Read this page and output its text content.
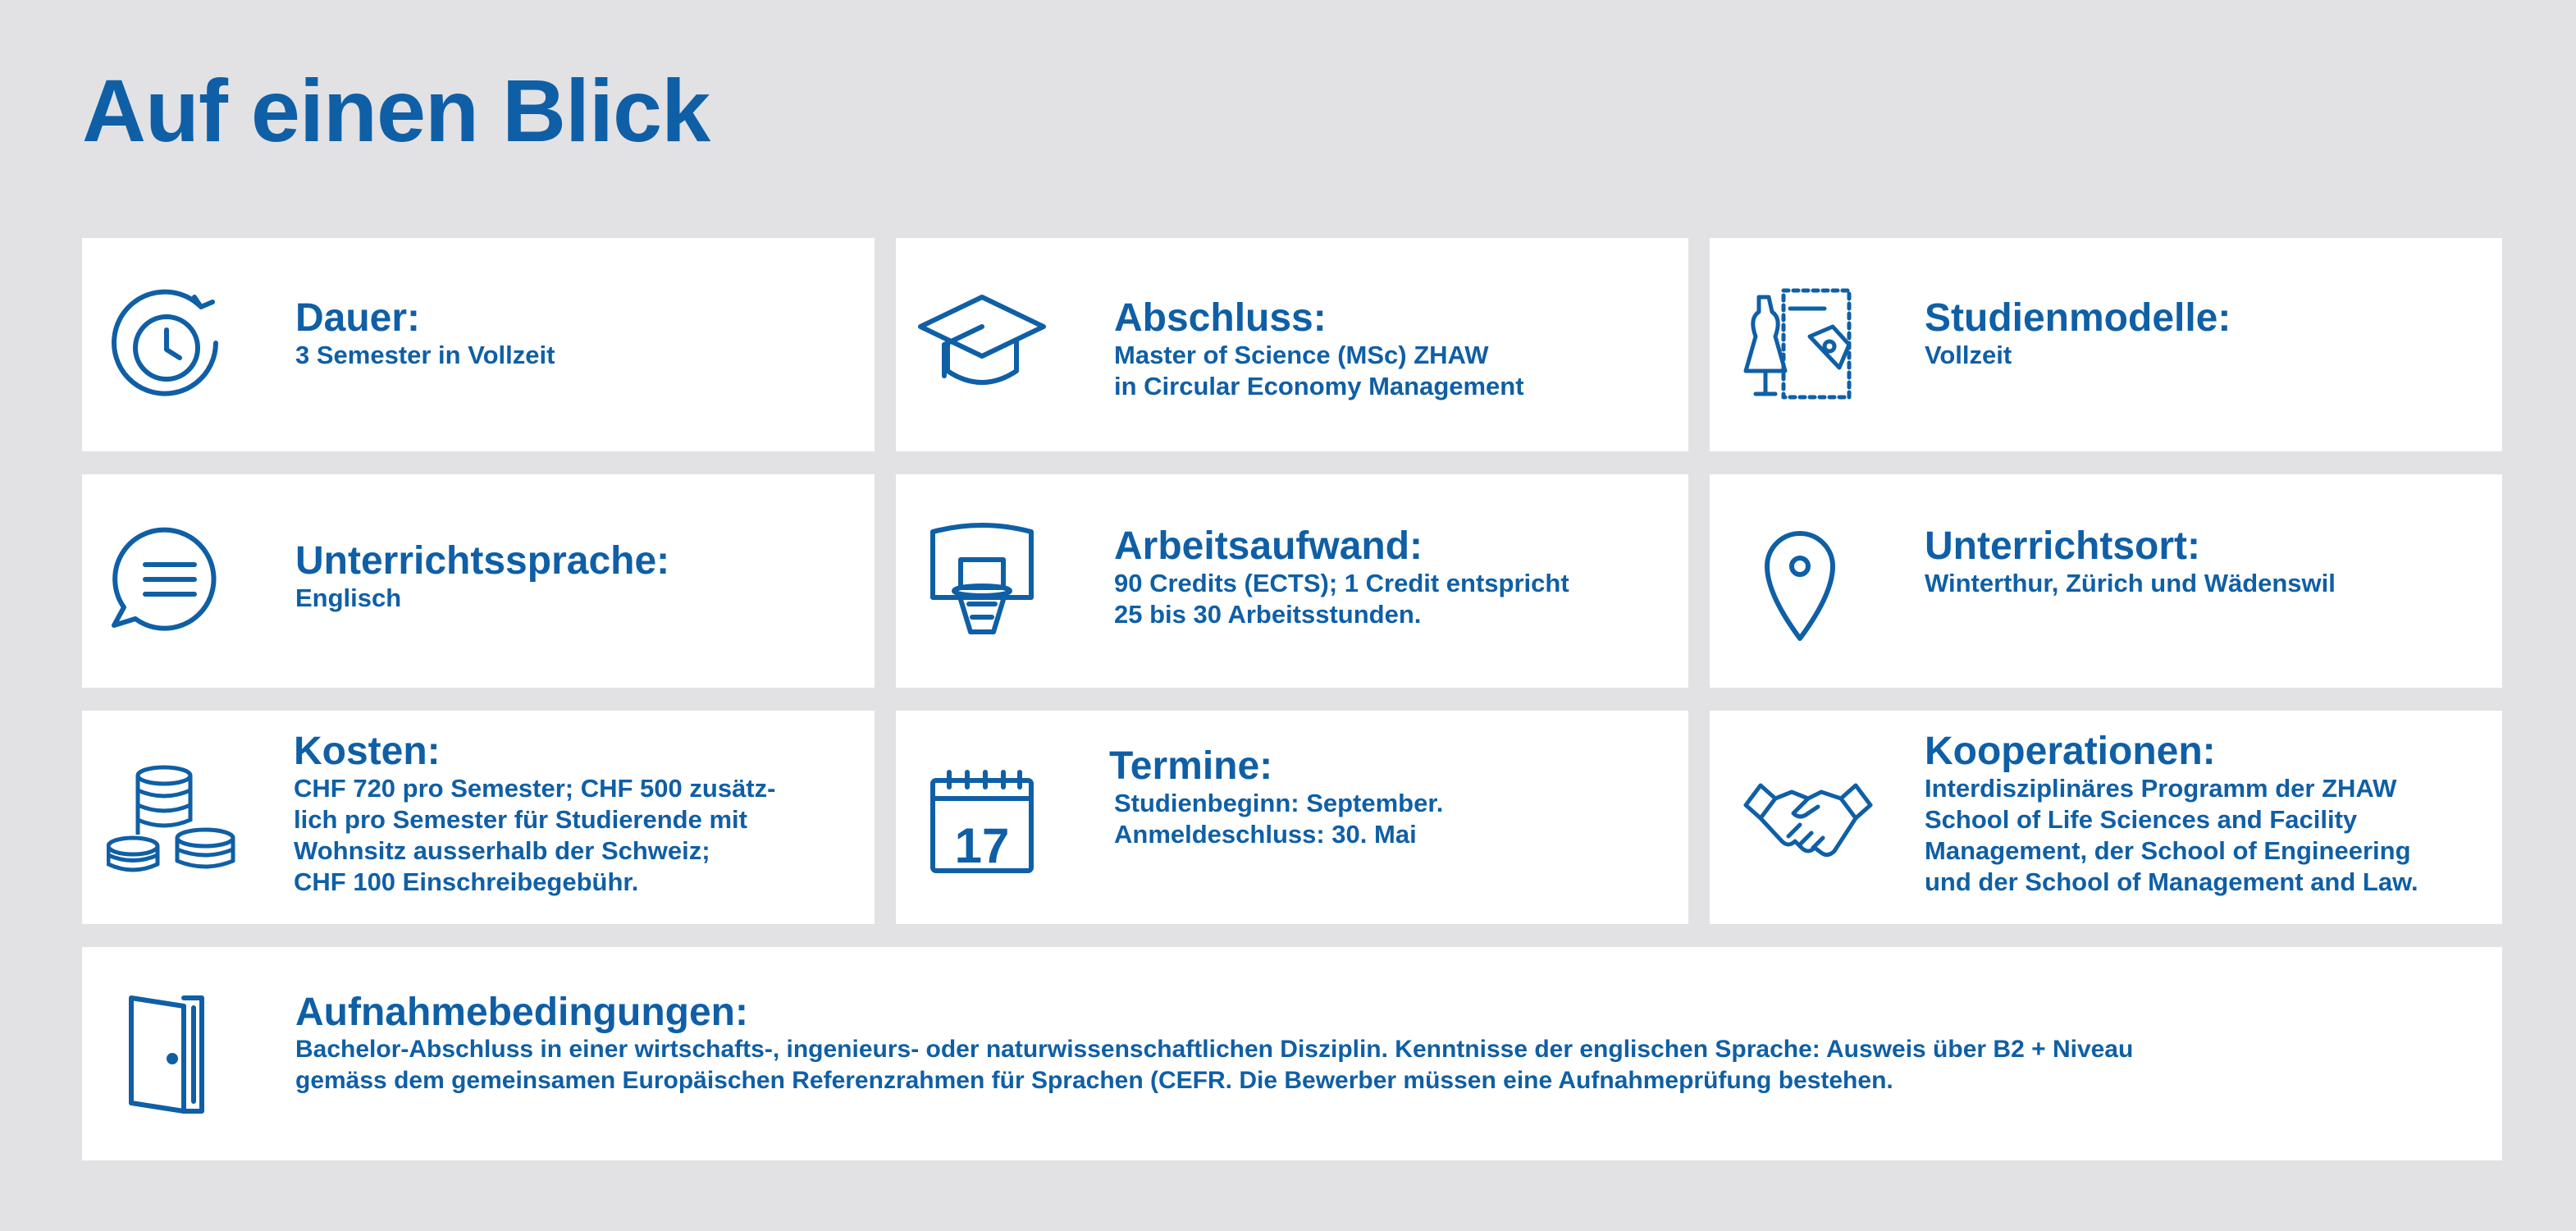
Auf einen Blick
Dauer:
3 Semester in Vollzeit
Abschluss:
Master of Science (MSc) ZHAW
in Circular Economy Management
Studienmodelle:
Vollzeit
Unterrichtssprache:
Englisch
Arbeitsaufwand:
90 Credits (ECTS); 1 Credit entspricht
25 bis 30 Arbeitsstunden.
Unterrichtsort:
Winterthur, Zürich und Wädenswil
Kosten:
CHF 720 pro Semester; CHF 500 zusätz-
lich pro Semester für Studierende mit
Wohnsitz ausserhalb der Schweiz;
CHF 100 Einschreibegebühr.
17
Termine:
Studienbeginn: September.
Anmeldeschluss: 30. Mai
Kooperationen:
Interdisziplinäres Programm der ZHAW
School of Life Sciences and Facility
Management, der School of Engineering
und der School of Management and Law.
Aufnahmebedingungen:
Bachelor-Abschluss in einer wirtschafts-, ingenieurs- oder naturwissenschaftlichen Disziplin. Kenntnisse der englischen Sprache: Ausweis über B2 + Niveau
gemäss dem gemeinsamen Europäischen Referenzrahmen für Sprachen (CEFR. Die Bewerber müssen eine Aufnahmeprüfung bestehen.
